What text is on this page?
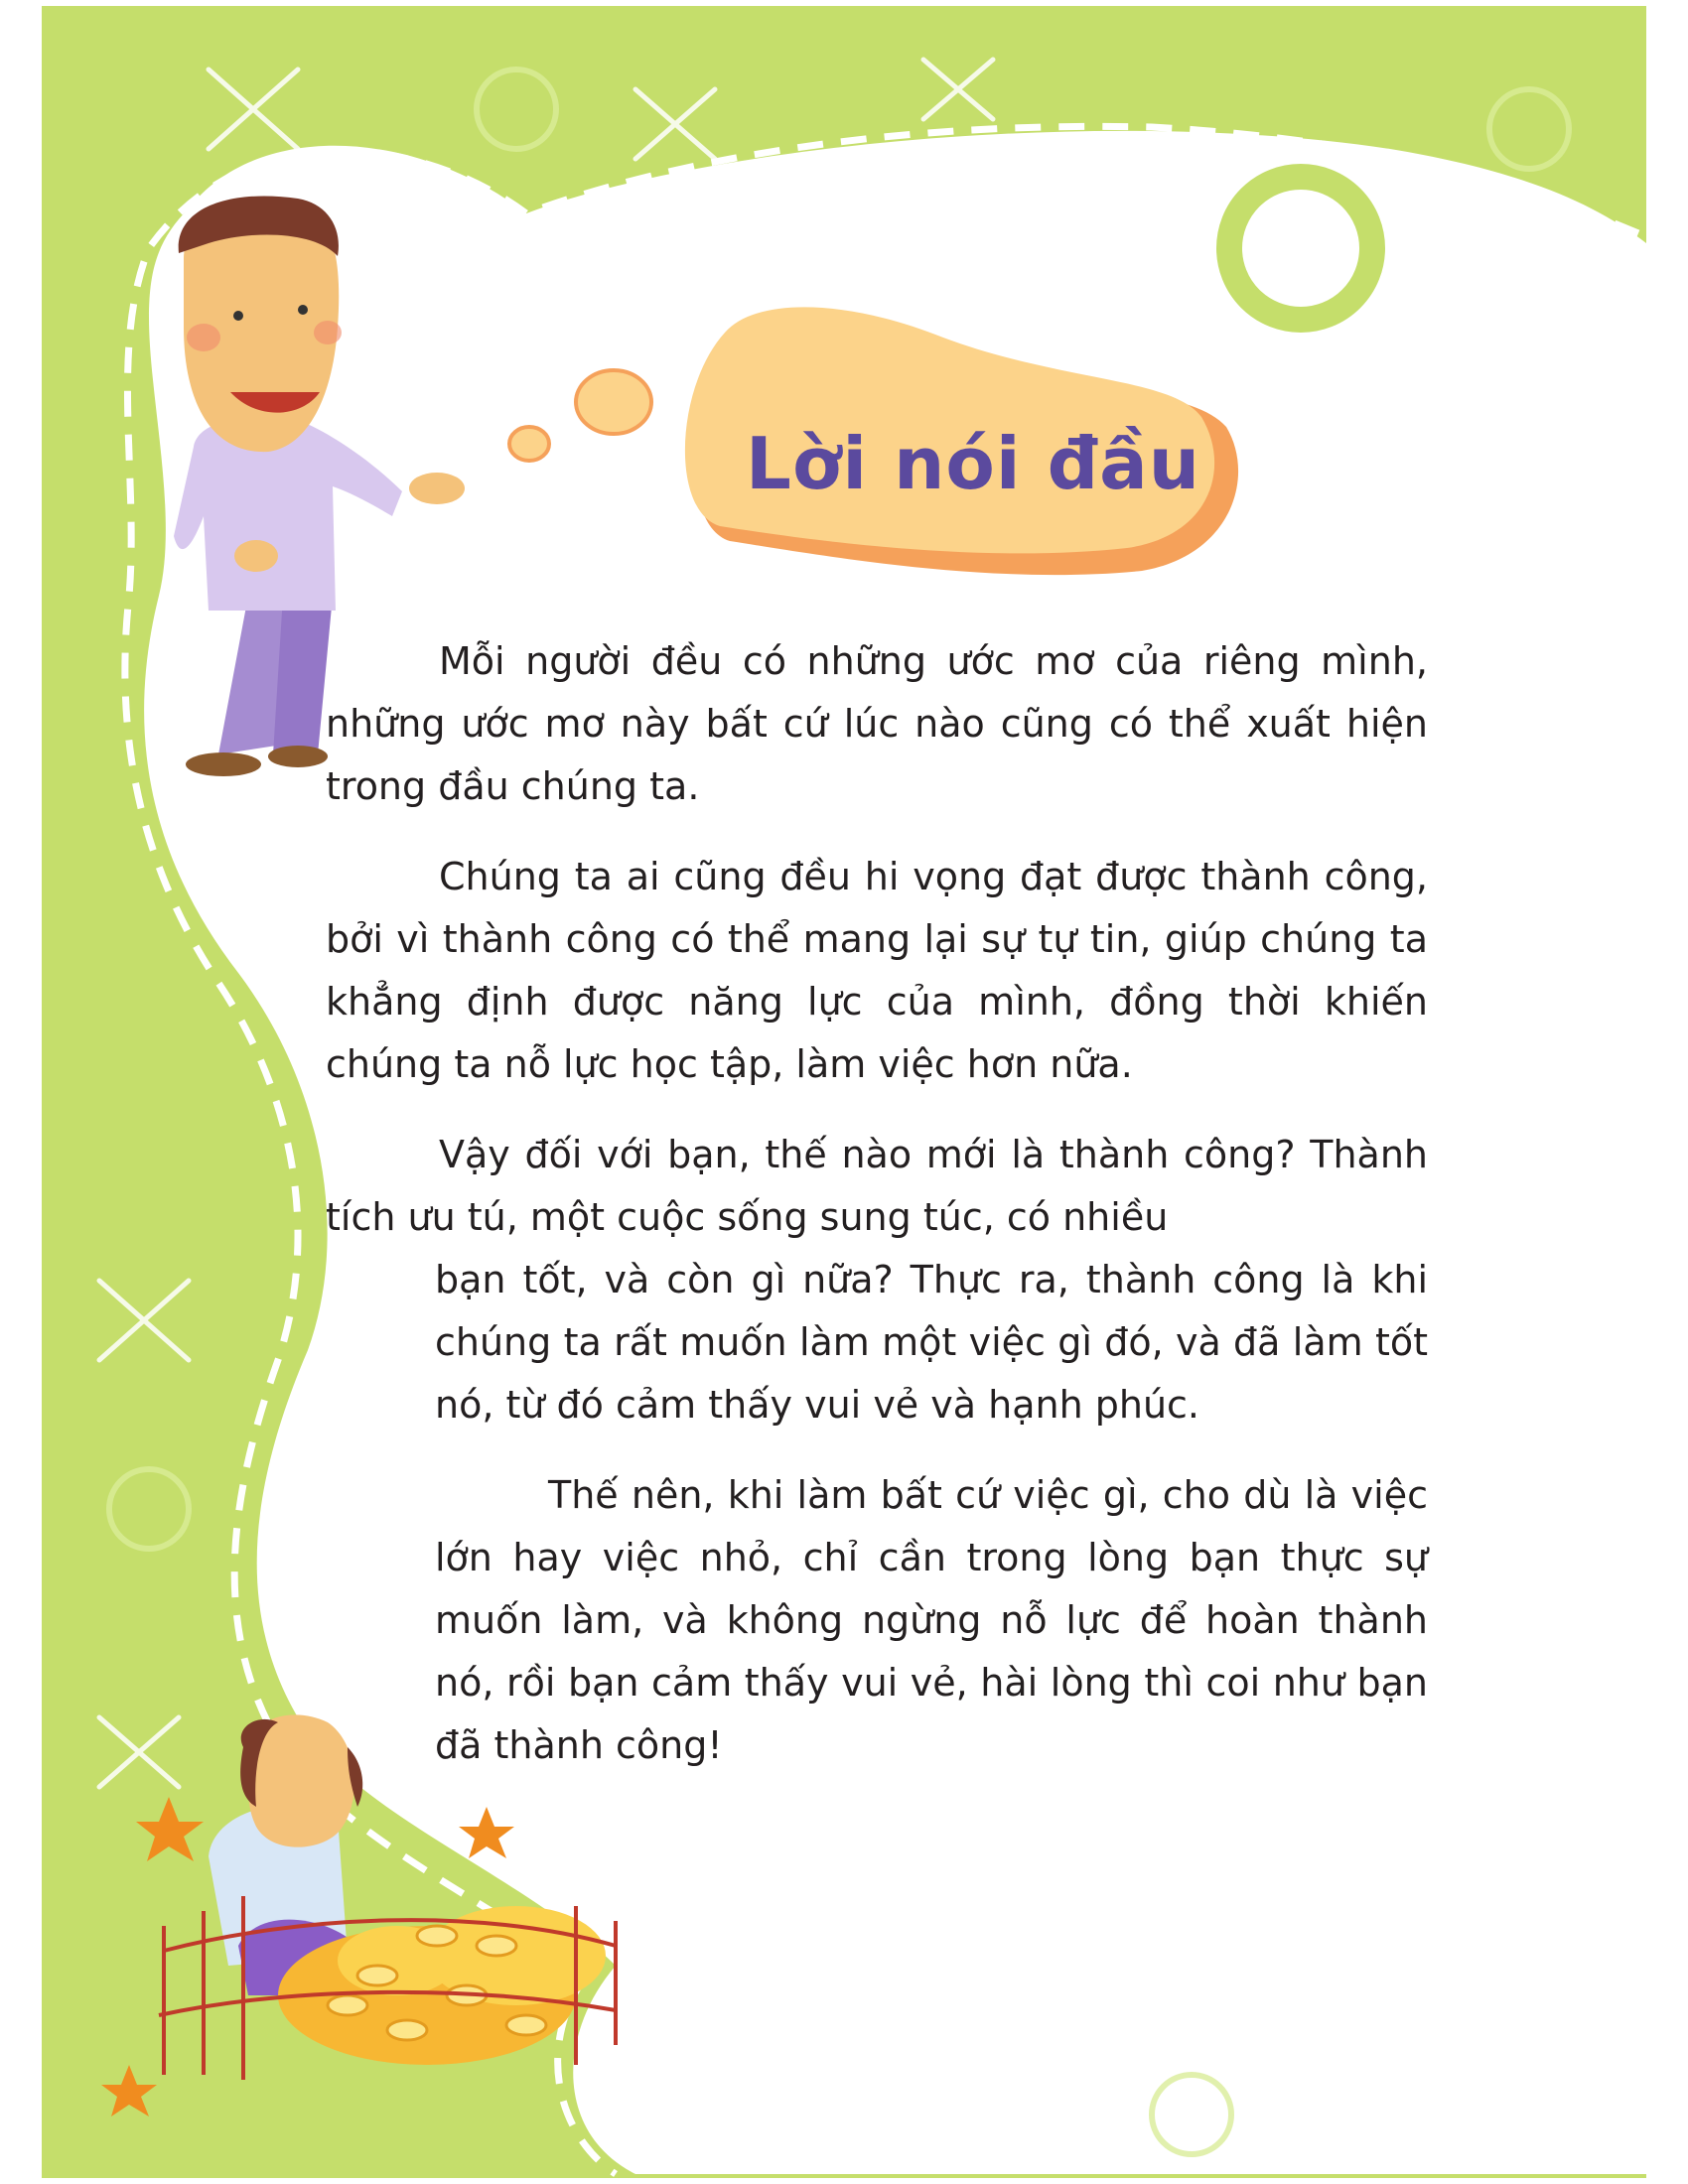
Lời nói đầu

Mỗi người đều có những ước mơ của riêng mình, những ước mơ này bất cứ lúc nào cũng có thể xuất hiện trong đầu chúng ta.

Chúng ta ai cũng đều hi vọng đạt được thành công, bởi vì thành công có thể mang lại sự tự tin, giúp chúng ta khẳng định được năng lực của mình, đồng thời khiến chúng ta nỗ lực học tập, làm việc hơn nữa.

Vậy đối với bạn, thế nào mới là thành công? Thành tích ưu tú, một cuộc sống sung túc, có nhiều

bạn tốt, và còn gì nữa? Thực ra, thành công là khi chúng ta rất muốn làm một việc gì đó, và đã làm tốt nó, từ đó cảm thấy vui vẻ và hạnh phúc.

Thế nên, khi làm bất cứ việc gì, cho dù là việc lớn hay việc nhỏ, chỉ cần trong lòng bạn thực sự muốn làm, và không ngừng nỗ lực để hoàn thành nó, rồi bạn cảm thấy vui vẻ, hài lòng thì coi như bạn đã thành công!
